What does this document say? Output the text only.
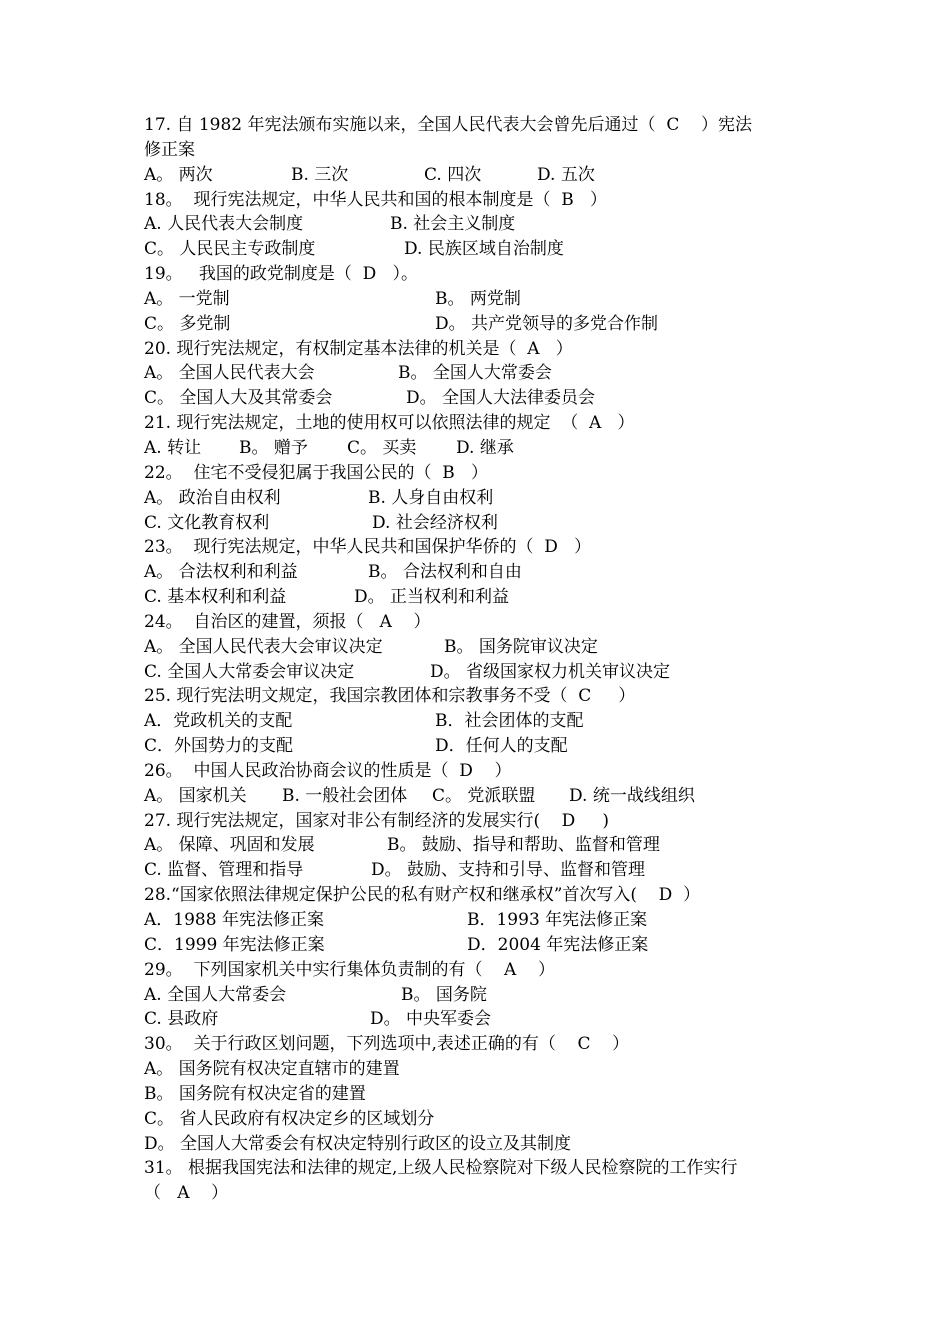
17. 自 1982 年宪法颁布实施以来，全国人民代表大会曾先后通过（  C    ）宪法
修正案
A。 两次	B. 三次	C. 四次	D. 五次
18。  现行宪法规定，中华人民共和国的根本制度是（  B   ）
A. 人民代表大会制度	B. 社会主义制度
C。 人民民主专政制度	D. 民族区域自治制度
19。   我国的政党制度是（  D   ）。
A。 一党制	B。 两党制
C。 多党制	D。 共产党领导的多党合作制
20. 现行宪法规定，有权制定基本法律的机关是（  A   ）
A。 全国人民代表大会	B。 全国人大常委会
C。 全国人大及其常委会	D。 全国人大法律委员会
21. 现行宪法规定，土地的使用权可以依照法律的规定  （  A   ）
A. 转让 B。 赠予 C。 买卖 D. 继承
22。  住宅不受侵犯属于我国公民的（  B   ）
A。 政治自由权利	B. 人身自由权利
C. 文化教育权利	D. 社会经济权利
23。  现行宪法规定，中华人民共和国保护华侨的（  D   ）
A。 合法权利和利益	B。 合法权利和自由
C. 基本权利和利益	D。 正当权利和利益
24。  自治区的建置，须报（   A    ）
A。 全国人民代表大会审议决定	B。 国务院审议决定
C. 全国人大常委会审议决定	D。 省级国家权力机关审议决定
25. 现行宪法明文规定，我国宗教团体和宗教事务不受（  C     ）
A．党政机关的支配	B．社会团体的支配
C．外国势力的支配	D．任何人的支配
26。  中国人民政治协商会议的性质是（  D    ）
A。 国家机关 B. 一般社会团体 C。 党派联盟 D. 统一战线组织
27. 现行宪法规定，国家对非公有制经济的发展实行(    D     )
A。 保障、巩固和发展	B。 鼓励、指导和帮助、监督和管理
C. 监督、管理和指导	D。 鼓励、支持和引导、监督和管理
28.“国家依照法律规定保护公民的私有财产权和继承权”首次写入(    D  ）
A．1988 年宪法修正案	B．1993 年宪法修正案
C．1999 年宪法修正案	D．2004 年宪法修正案
29。  下列国家机关中实行集体负责制的有（    A    ）
A. 全国人大常委会	B。 国务院
C. 县政府	D。 中央军委会
30。  关于行政区划问题，下列选项中,表述正确的有（    C    ）
A。 国务院有权决定直辖市的建置
B。 国务院有权决定省的建置
C。 省人民政府有权决定乡的区域划分
D。 全国人大常委会有权决定特别行政区的设立及其制度
31。 根据我国宪法和法律的规定,上级人民检察院对下级人民检察院的工作实行
（   A    ）
